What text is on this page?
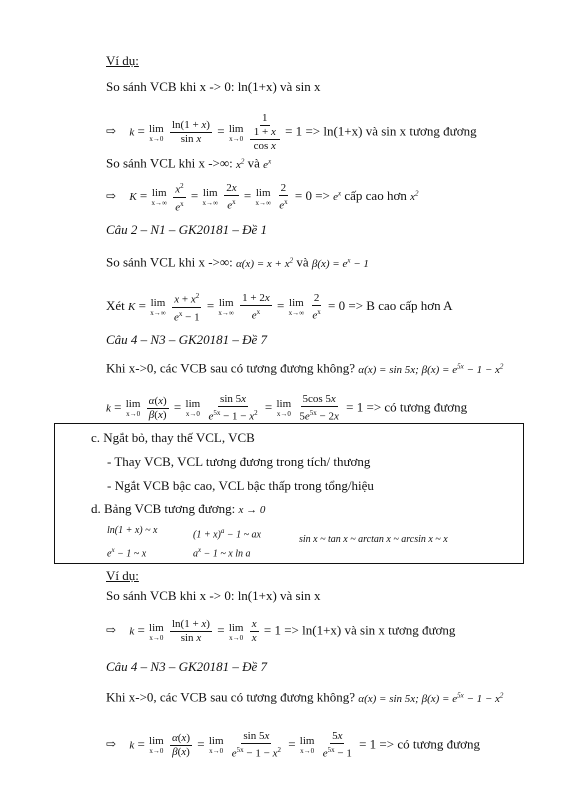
Ví dụ:
So sánh VCB khi x -> 0: ln(1+x) và sin x
⇨ k = lim
x→0
$\frac{\ln(1 + x)}{\text{sin x}} = \lim$
x→0
$\frac{\frac{1}{1 + x}}{\text{cos x}} = 1 => \ln(1+x)$ và sin x tương đương
So sánh VCL khi x ->∞: $x^2$ và $e^x$
⇨ K = lim
x→∞
$\frac{x^2}{e^x} = \lim$
x→∞
$\frac{2x}{e^x} = \lim$
x→∞
$\frac{2}{e^x} = 0 => e^x$ cấp cao hơn $x^2$
Câu 2 – N1 – GK20181 – Đề 1
So sánh VCL khi x ->∞: $\alpha(x) = x + x^2$ và $\beta(x) = e^x - 1$
Xét K = lim
x→∞
$\frac{x + x^2}{e^x - 1} = \lim$
x→∞
$\frac{1 + 2x}{e^x} = \lim$
x→∞
$\frac{2}{e^x} = 0 => B$ cao cấp hơn A
Câu 4 – N3 – GK20181 – Đề 7
Khi x->0, các VCB sau có tương đương không? α(x) = sin 5x; $\beta(x) = e^{5x} - 1 - x^2$
k = lim
x→0
$\frac{\alpha(x)}{\beta(x)} = \lim$
x→0
$\frac{\sin 5x}{e^{5x} - 1 - x^2} = \lim$
x→0
$\frac{5\cos 5x}{5e^{5x} - 2x} = 1$ => có tương đương
c. Ngắt bỏ, thay thế VCL, VCB
- Thay VCB, VCL tương đương trong tích/ thương
- Ngắt VCB bậc cao, VCL bậc thấp trong tổng/hiệu
d. Bảng VCB tương đương: x → 0
ln(1 + x) ~ x
$e^x - 1$ ~ x
$(1 + x)^a - 1$ ~ ax
$a^x - 1$ ~ x ln a
sin x ~ tan x ~ arctan x ~ arcsin x ~ x
Ví dụ:
So sánh VCB khi x -> 0: ln(1+x) và sin x
⇨ k = lim
x→0
$\frac{\ln(1 + x)}{\text{sin x}} = \lim$
x→0
$\frac{x}{x} = 1 => \ln(1+x)$ và sin x tương đương
Câu 4 – N3 – GK20181 – Đề 7
Khi x->0, các VCB sau có tương đương không? α(x) = sin 5x; $\beta(x) = e^{5x} - 1 - x^2$
⇨ k = lim
x→0
$\frac{\alpha(x)}{\beta(x)} = \lim$
x→0
$\frac{\sin 5x}{e^{5x} - 1 - x^2} = \lim$
x→0
$\frac{5x}{e^{5x} - 1} = 1$ => có tương đương
